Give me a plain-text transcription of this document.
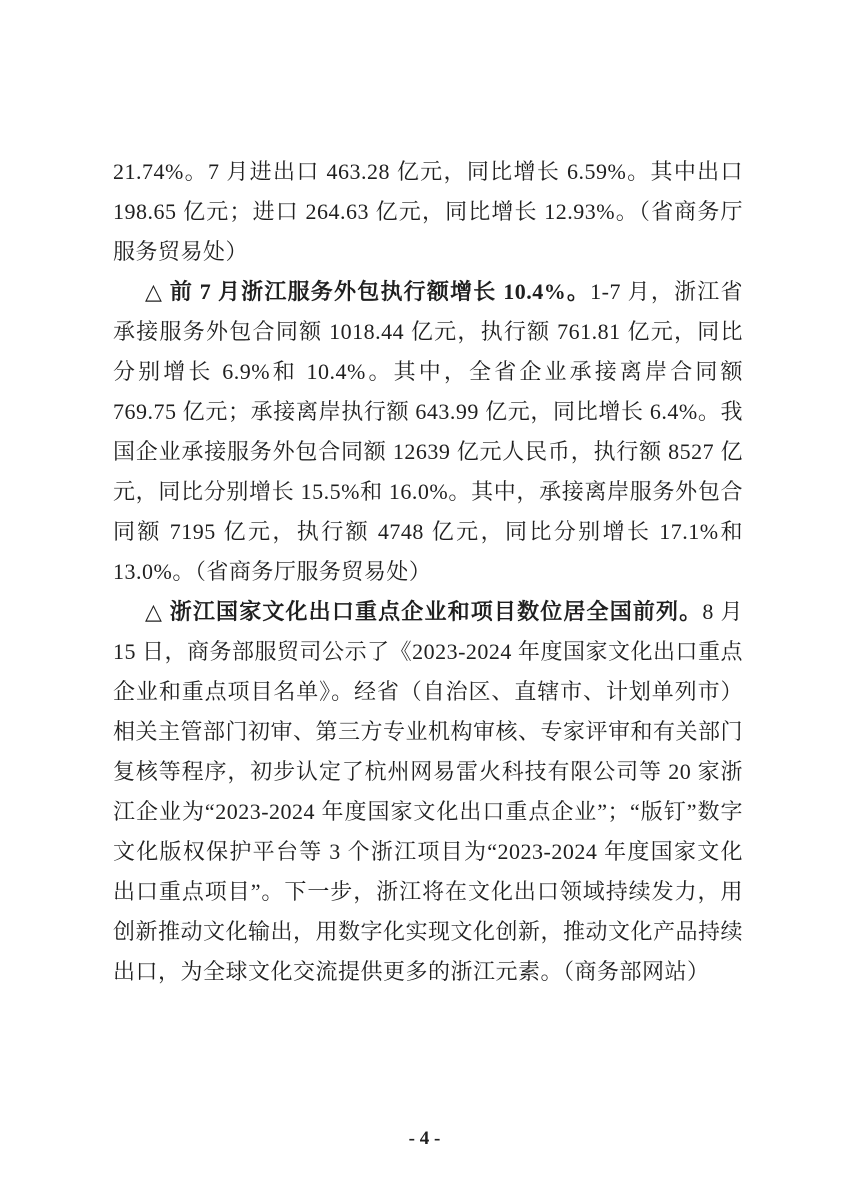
21.74%。7 月进出口 463.28 亿元，同比增长 6.59%。其中出口 198.65 亿元；进口 264.63 亿元，同比增长 12.93%。（省商务厅服务贸易处）

△ 前 7 月浙江服务外包执行额增长 10.4%。1-7 月，浙江省承接服务外包合同额 1018.44 亿元，执行额 761.81 亿元，同比分别增长 6.9%和 10.4%。其中，全省企业承接离岸合同额 769.75 亿元；承接离岸执行额 643.99 亿元，同比增长 6.4%。我国企业承接服务外包合同额 12639 亿元人民币，执行额 8527 亿元，同比分别增长 15.5%和 16.0%。其中，承接离岸服务外包合同额 7195 亿元，执行额 4748 亿元，同比分别增长 17.1%和 13.0%。（省商务厅服务贸易处）

△ 浙江国家文化出口重点企业和项目数位居全国前列。8 月 15 日，商务部服贸司公示了《2023-2024 年度国家文化出口重点企业和重点项目名单》。经省（自治区、直辖市、计划单列市）相关主管部门初审、第三方专业机构审核、专家评审和有关部门复核等程序，初步认定了杭州网易雷火科技有限公司等 20 家浙江企业为“2023-2024 年度国家文化出口重点企业”；“版钉”数字文化版权保护平台等 3 个浙江项目为“2023-2024 年度国家文化出口重点项目”。下一步，浙江将在文化出口领域持续发力，用创新推动文化输出，用数字化实现文化创新，推动文化产品持续出口，为全球文化交流提供更多的浙江元素。（商务部网站）

- 4 -
